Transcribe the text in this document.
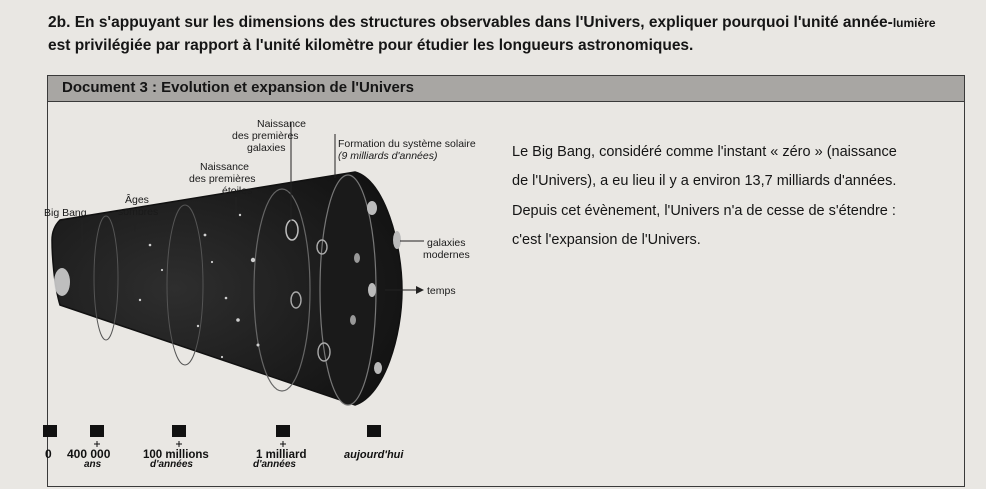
2b. En s'appuyant sur les dimensions des structures observables dans l'Univers, expliquer pourquoi l'unité année-lumière
est privilégiée par rapport à l'unité kilomètre pour étudier les longueurs astronomiques.
Document 3 : Evolution et expansion de l'Univers
Le Big Bang, considéré comme l'instant « zéro » (naissance
de l'Univers), a eu lieu il y a environ 13,7 milliards d'années.
Depuis cet évènement, l'Univers n'a de cesse de s'étendre :
c'est l'expansion de l'Univers.
Big Bang
Âges
sombres
Naissance
des premières
étoiles
Naissance
des premières
galaxies	Formation du système solaire
(9 milliards d'années)
galaxies
modernes
temps
0 400 000
ans
100 millions
d'années
1 milliard
d'années
aujourd'hui
